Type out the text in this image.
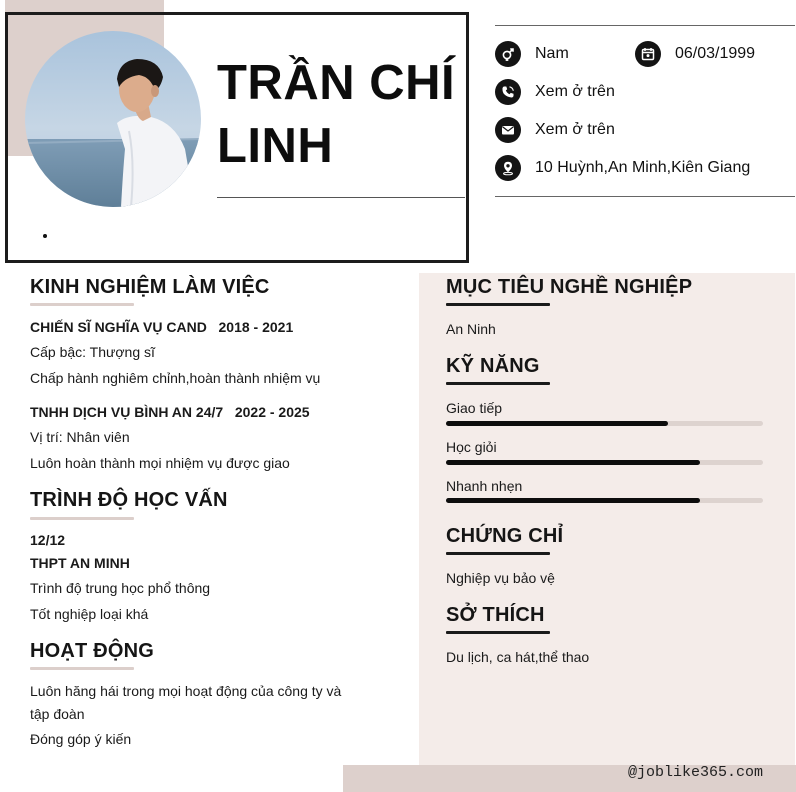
TRẦN CHÍ LINH
Nam	06/03/1999
Xem ở trên
Xem ở trên
10 Huỳnh,An Minh,Kiên Giang
KINH NGHIỆM LÀM VIỆC
CHIẾN SĨ NGHĨA VỤ CAND   2018 - 2021
Cấp bậc: Thượng sĩ
Chấp hành nghiêm chỉnh,hoàn thành nhiệm vụ
TNHH DỊCH VỤ BÌNH AN 24/7   2022 - 2025
Vị trí: Nhân viên
Luôn hoàn thành mọi nhiệm vụ được giao
TRÌNH ĐỘ HỌC VẤN
12/12
THPT AN MINH
Trình độ trung học phổ thông
Tốt nghiệp loại khá
HOẠT ĐỘNG
Luôn hăng hái trong mọi hoạt động của công ty và
tập đoàn
Đóng góp ý kiến
MỤC TIÊU NGHỀ NGHIỆP
An Ninh
KỸ NĂNG
Giao tiếp
Học giỏi
Nhanh nhẹn
CHỨNG CHỈ
Nghiệp vụ bảo vệ
SỞ THÍCH
Du lịch, ca hát,thể thao
@joblike365.com
